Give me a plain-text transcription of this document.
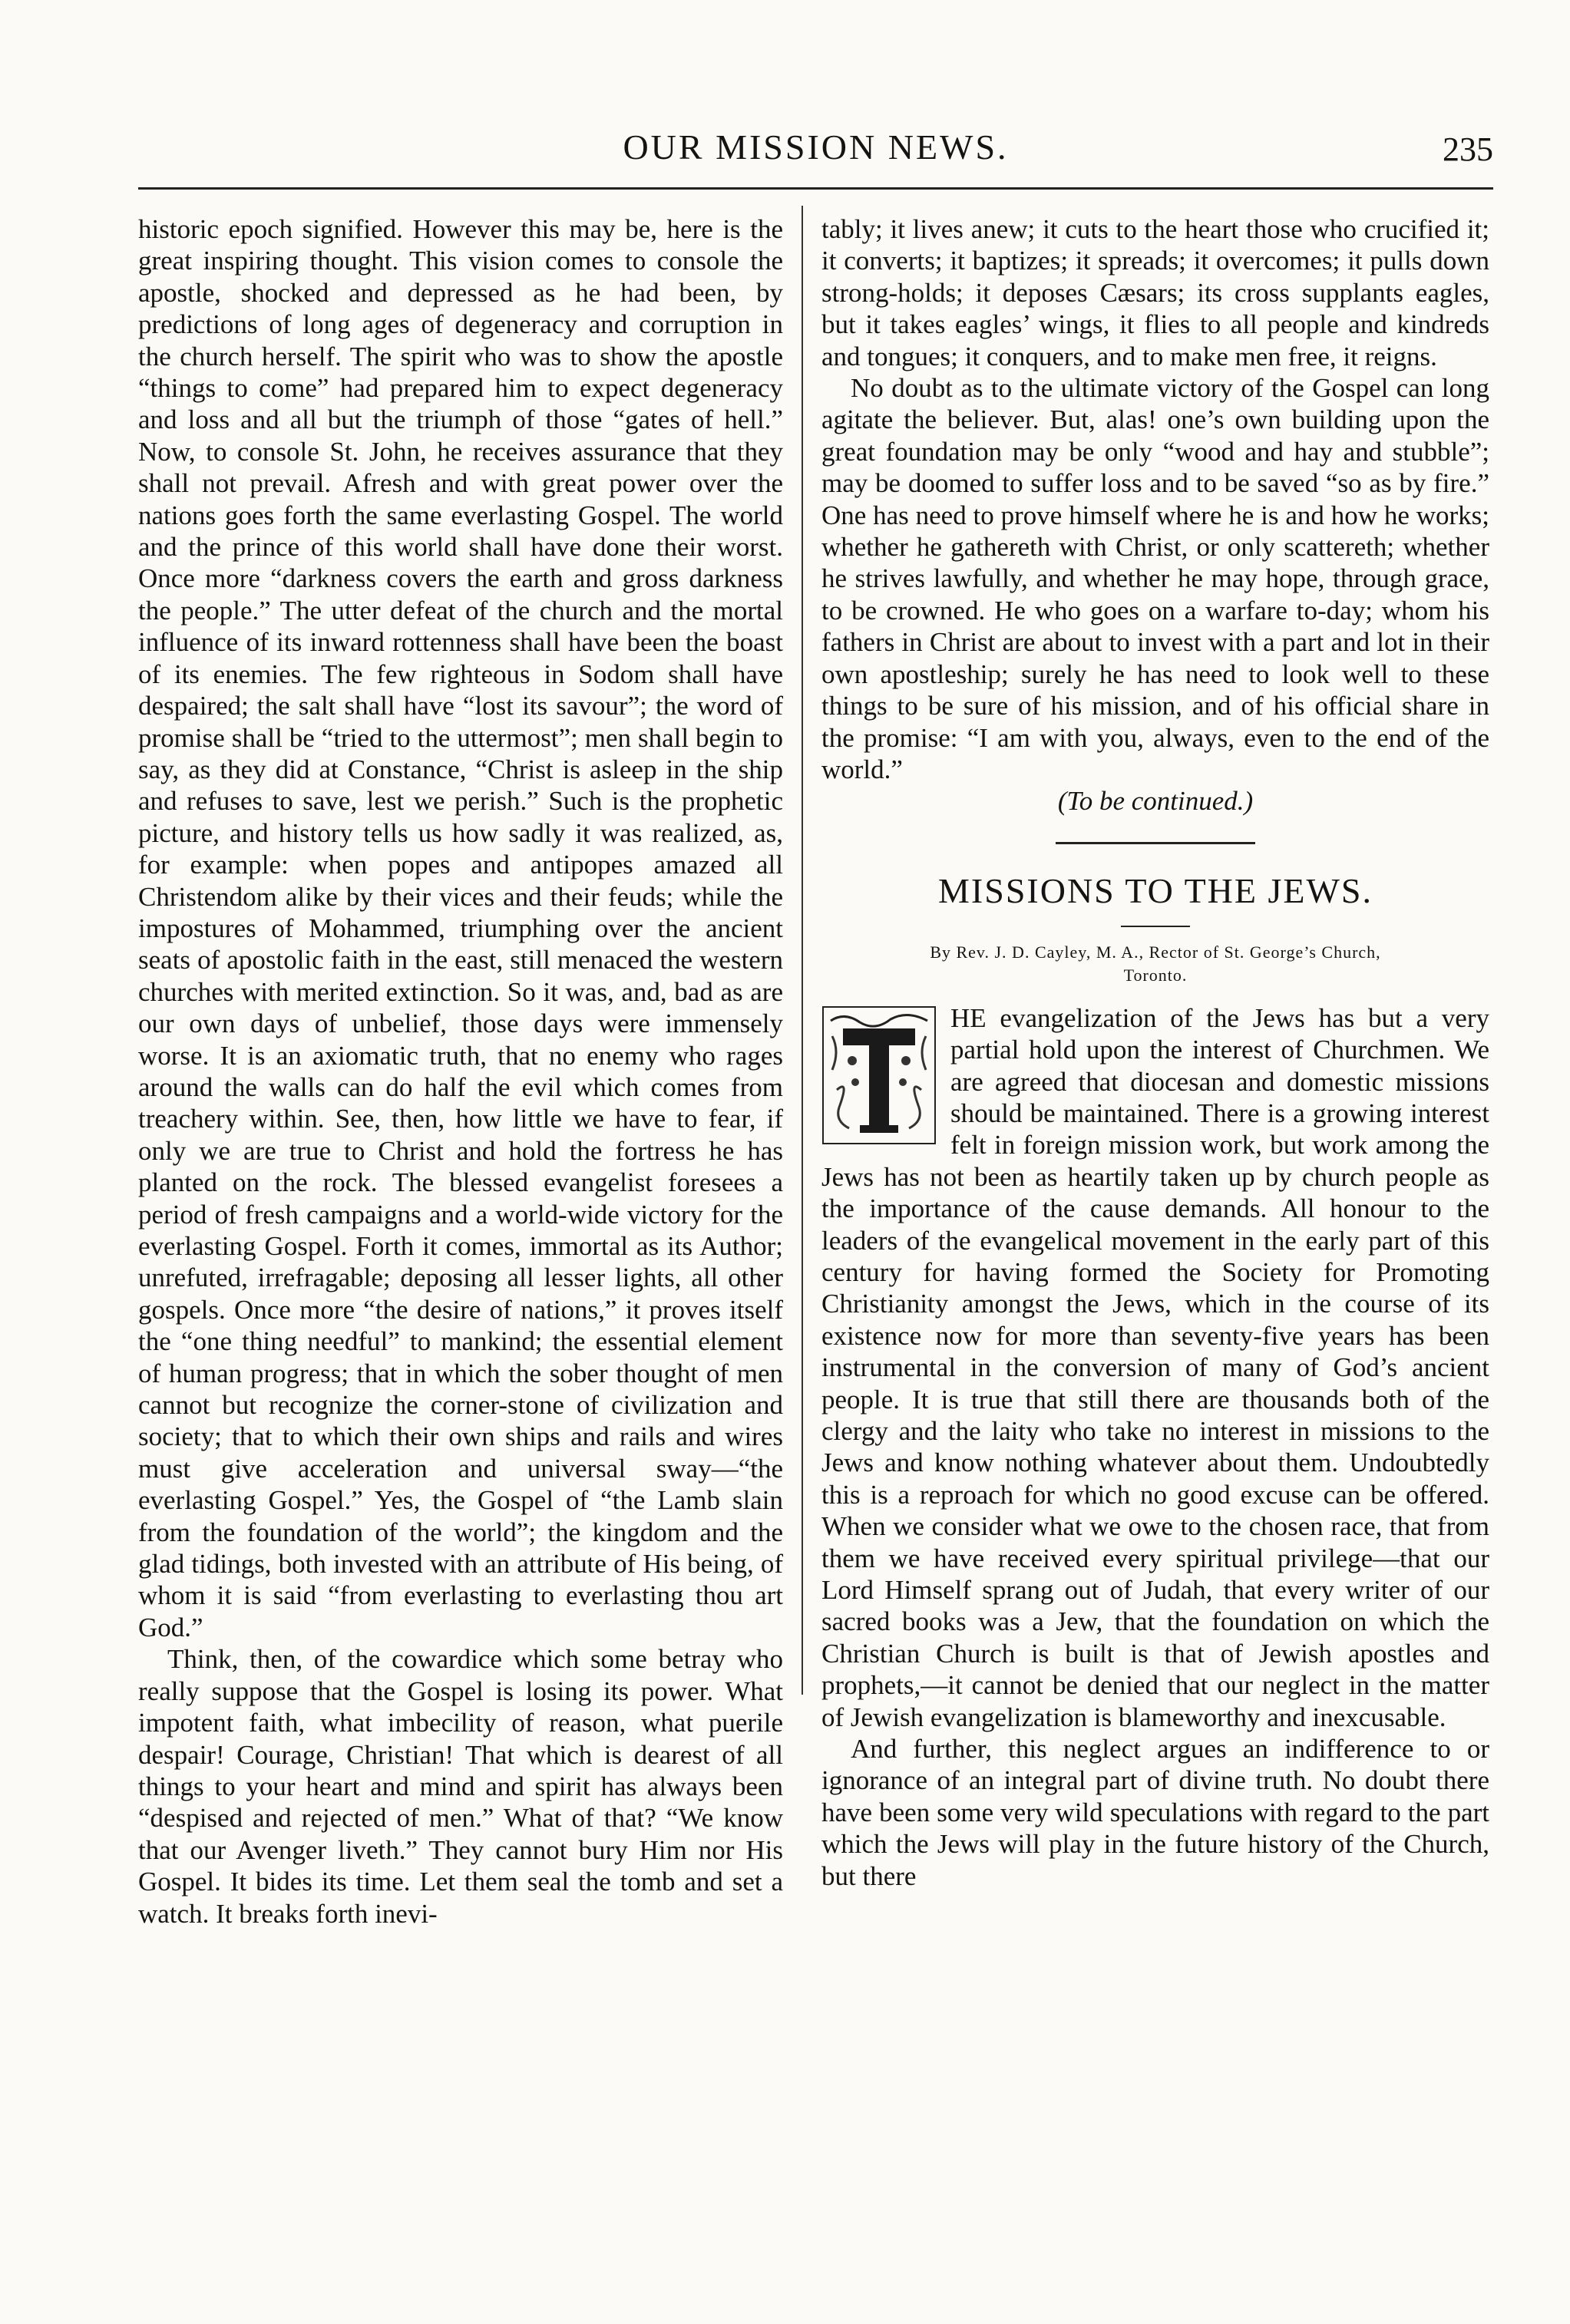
OUR MISSION NEWS.	235

historic epoch signified. However this may be, here is the great inspiring thought. This vision comes to console the apostle, shocked and depressed as he had been, by predictions of long ages of degeneracy and corruption in the church herself. The spirit who was to show the apostle “things to come” had prepared him to expect degeneracy and loss and all but the triumph of those “gates of hell.” Now, to console St. John, he receives assurance that they shall not prevail. Afresh and with great power over the nations goes forth the same everlasting Gospel. The world and the prince of this world shall have done their worst. Once more “darkness covers the earth and gross darkness the people.” The utter defeat of the church and the mortal influence of its inward rottenness shall have been the boast of its enemies. The few righteous in Sodom shall have despaired; the salt shall have “lost its savour”; the word of promise shall be “tried to the uttermost”; men shall begin to say, as they did at Constance, “Christ is asleep in the ship and refuses to save, lest we perish.” Such is the prophetic picture, and history tells us how sadly it was realized, as, for example: when popes and antipopes amazed all Christendom alike by their vices and their feuds; while the impostures of Mohammed, triumphing over the ancient seats of apostolic faith in the east, still menaced the western churches with merited extinction. So it was, and, bad as are our own days of unbelief, those days were immensely worse. It is an axiomatic truth, that no enemy who rages around the walls can do half the evil which comes from treachery within. See, then, how little we have to fear, if only we are true to Christ and hold the fortress he has planted on the rock. The blessed evangelist foresees a period of fresh campaigns and a world-wide victory for the everlasting Gospel. Forth it comes, immortal as its Author; unrefuted, irrefragable; deposing all lesser lights, all other gospels. Once more “the desire of nations,” it proves itself the “one thing needful” to mankind; the essential element of human progress; that in which the sober thought of men cannot but recognize the corner-stone of civilization and society; that to which their own ships and rails and wires must give acceleration and universal sway—“the everlasting Gospel.” Yes, the Gospel of “the Lamb slain from the foundation of the world”; the kingdom and the glad tidings, both invested with an attribute of His being, of whom it is said “from everlasting to everlasting thou art God.”

Think, then, of the cowardice which some betray who really suppose that the Gospel is losing its power. What impotent faith, what imbecility of reason, what puerile despair! Courage, Christian! That which is dearest of all things to your heart and mind and spirit has always been “despised and rejected of men.” What of that? “We know that our Avenger liveth.” They cannot bury Him nor His Gospel. It bides its time. Let them seal the tomb and set a watch. It breaks forth inevi-

tably; it lives anew; it cuts to the heart those who crucified it; it converts; it baptizes; it spreads; it overcomes; it pulls down strong-holds; it deposes Cæsars; its cross supplants eagles, but it takes eagles’ wings, it flies to all people and kindreds and tongues; it conquers, and to make men free, it reigns.

No doubt as to the ultimate victory of the Gospel can long agitate the believer. But, alas! one’s own building upon the great foundation may be only “wood and hay and stubble”; may be doomed to suffer loss and to be saved “so as by fire.” One has need to prove himself where he is and how he works; whether he gathereth with Christ, or only scattereth; whether he strives lawfully, and whether he may hope, through grace, to be crowned. He who goes on a warfare to-day; whom his fathers in Christ are about to invest with a part and lot in their own apostleship; surely he has need to look well to these things to be sure of his mission, and of his official share in the promise: “I am with you, always, even to the end of the world.”

(To be continued.)

MISSIONS TO THE JEWS.
By Rev. J. D. Cayley, M. A., Rector of St. George’s Church,
Toronto.

HE evangelization of the Jews has but a very partial hold upon the interest of Churchmen. We are agreed that diocesan and domestic missions should be maintained. There is a growing interest felt in foreign mission work, but work among the Jews has not been as heartily taken up by church people as the importance of the cause demands. All honour to the leaders of the evangelical movement in the early part of this century for having formed the Society for Promoting Christianity amongst the Jews, which in the course of its existence now for more than seventy-five years has been instrumental in the conversion of many of God’s ancient people. It is true that still there are thousands both of the clergy and the laity who take no interest in missions to the Jews and know nothing whatever about them. Undoubtedly this is a reproach for which no good excuse can be offered. When we consider what we owe to the chosen race, that from them we have received every spiritual privilege—that our Lord Himself sprang out of Judah, that every writer of our sacred books was a Jew, that the foundation on which the Christian Church is built is that of Jewish apostles and prophets,—it cannot be denied that our neglect in the matter of Jewish evangelization is blameworthy and inexcusable.

And further, this neglect argues an indifference to or ignorance of an integral part of divine truth. No doubt there have been some very wild speculations with regard to the part which the Jews will play in the future history of the Church, but there
